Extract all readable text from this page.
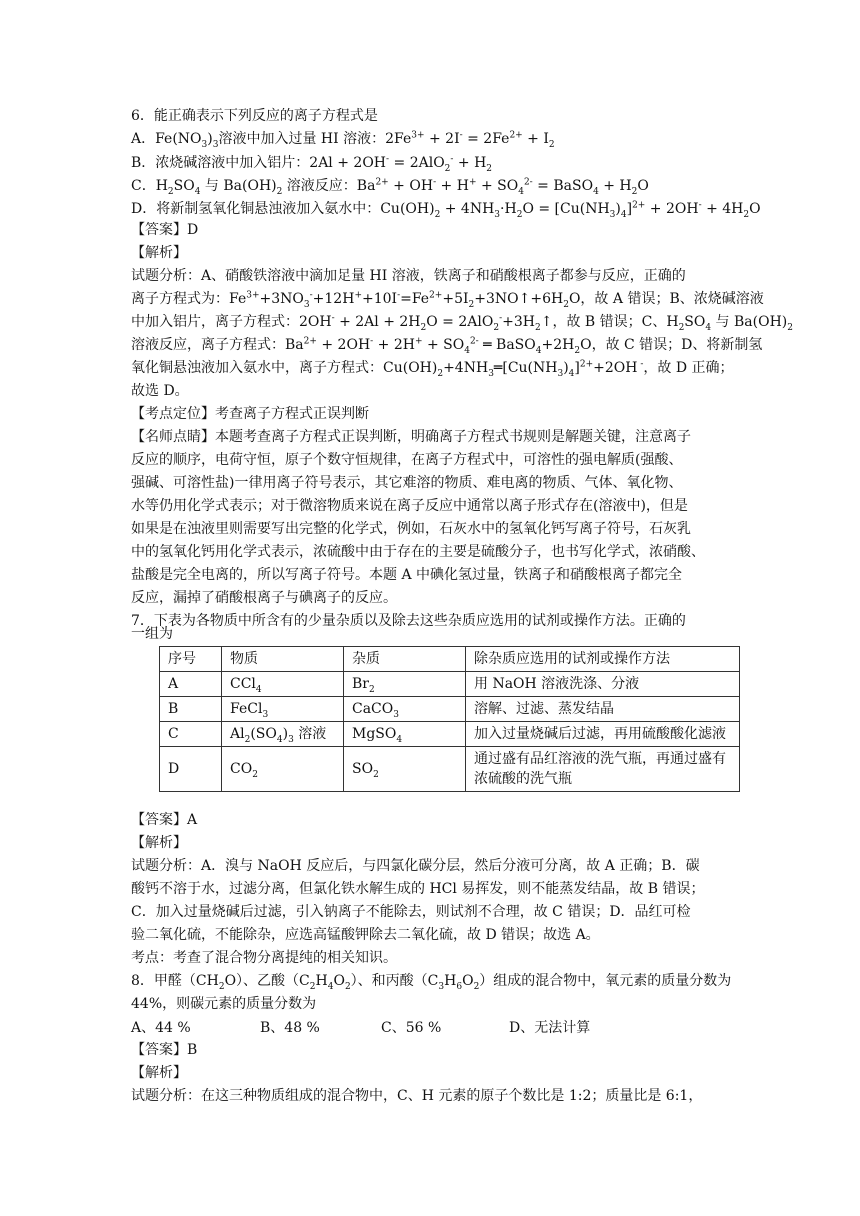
6．能正确表示下列反应的离子方程式是
A．$Fe(NO_3)_3$溶液中加入过量 HI 溶液：$2Fe^{3+} + 2I^- = 2Fe^{2+} + I_2$
B．浓烧碱溶液中加入铝片：$2Al + 2OH^- = 2AlO_2^- + H_2$
C．$H_2SO_4$ 与 $Ba(OH)_2$ 溶液反应：$Ba^{2+} + OH^- + H^+ + SO_4^{2-}$ = BaSO$_4$ + $H_2O$
D．将新制氢氧化铜悬浊液加入氨水中：$Cu(OH)_2 + 4NH_3\cdot H_2O = [Cu(NH_3)_4]^{2+} + 2OH^- + 4H_2O$
【答案】D
【解析】
试题分析：A、硝酸铁溶液中滴加足量 HI 溶液，铁离子和硝酸根离子都参与反应，正确的
离子方程式为：$Fe^{3+}+3NO_3^-+12H^++10I^-=Fe^{2+}+5I_2+3NO↑+6H_2O$，故 A 错误；B、浓烧碱溶液
中加入铝片，离子方程式：$2OH^- + 2Al + 2H_2O$ = $2AlO_2^-+3H_2↑$，故 B 错误；C、$H_2SO_4$ 与 $Ba(OH)_2$
溶液反应，离子方程式：$Ba^{2+} + 2OH^- + 2H^+ + SO_4^{2-}$ ═ $BaSO_4+2H_2O$，故 C 错误；D、将新制氢
氧化铜悬浊液加入氨水中，离子方程式：$Cu(OH)_2+4NH_3═[Cu(NH_3)_4]^{2+}+2OH$ -，故 D 正确；
故选 D。
【考点定位】考查离子方程式正误判断
【名师点睛】本题考查离子方程式正误判断，明确离子方程式书规则是解题关键，注意离子
反应的顺序，电荷守恒，原子个数守恒规律，在离子方程式中，可溶性的强电解质(强酸、
强碱、可溶性盐)一律用离子符号表示，其它难溶的物质、难电离的物质、气体、氧化物、
水等仍用化学式表示；对于微溶物质来说在离子反应中通常以离子形式存在(溶液中)，但是
如果是在浊液里则需要写出完整的化学式，例如，石灰水中的氢氧化钙写离子符号，石灰乳
中的氢氧化钙用化学式表示，浓硫酸中由于存在的主要是硫酸分子，也书写化学式，浓硝酸、
盐酸是完全电离的，所以写离子符号。本题 A 中碘化氢过量，铁离子和硝酸根离子都完全
反应，漏掉了硝酸根离子与碘离子的反应。
7．下表为各物质中所含有的少量杂质以及除去这些杂质应选用的试剂或操作方法。正确的
一组为
序号	物质	杂质	除杂质应选用的试剂或操作方法
A	CCl$_4$	$Br_2$	用 NaOH 溶液洗涤、分液
B	FeCl$_3$	CaCO$_3$	溶解、过滤、蒸发结晶
C	$Al_2(SO_4)_3$ 溶液	MgSO$_4$	加入过量烧碱后过滤，再用硫酸酸化滤液
D	$CO_2$	$SO_2$	通过盛有品红溶液的洗气瓶，再通过盛有浓硫酸的洗气瓶
【答案】A
【解析】
试题分析：A．溴与 NaOH 反应后，与四氯化碳分层，然后分液可分离，故 A 正确；B．碳
酸钙不溶于水，过滤分离，但氯化铁水解生成的 HCl 易挥发，则不能蒸发结晶，故 B 错误；
C．加入过量烧碱后过滤，引入钠离子不能除去，则试剂不合理，故 C 错误；D．品红可检
验二氧化硫，不能除杂，应选高锰酸钾除去二氧化硫，故 D 错误；故选 A。
考点：考查了混合物分离提纯的相关知识。
8．甲醛$(CH_2O)$、乙酸$(C_2H_4O_2)$、和丙酸$(C_3H_6O_2)$组成的混合物中，氧元素的质量分数为
44%，则碳元素的质量分数为
A、44 %	B、48 %	C、56 %	D、无法计算
【答案】B
【解析】
试题分析：在这三种物质组成的混合物中，C、H 元素的原子个数比是 1:2；质量比是 6:1，
